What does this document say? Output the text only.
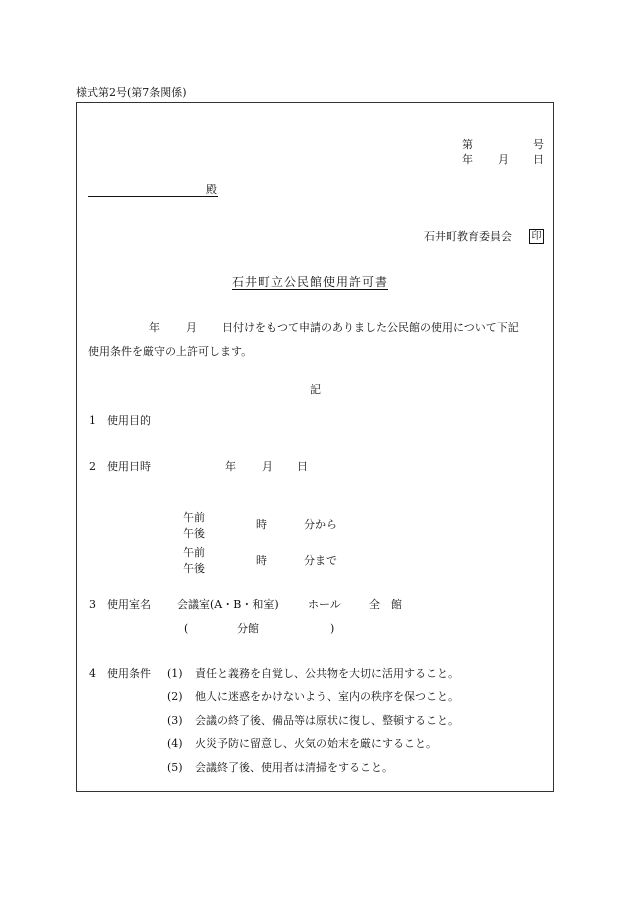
様式第2号(第7条関係)
第	号
年 月 日
殿
石井町教育委員会 印
石井町立公民館使用許可書
年 月 日付けをもつて申請のありました公民館の使用について下記
使用条件を厳守の上許可します。
記
1 使用目的
2 使用日時	年 月 日
午前
午後
時	分から
午前
午後
時	分まで
3 使用室名 会議室(A・B・和室)	ホール	全　館
(	分館	)
4 使用条件 (1) 責任と義務を自覚し、公共物を大切に活用すること。
(2) 他人に迷惑をかけないよう、室内の秩序を保つこと。
(3) 会議の終了後、備品等は原状に復し、整頓すること。
(4) 火災予防に留意し、火気の始末を厳にすること。
(5) 会議終了後、使用者は清掃をすること。
